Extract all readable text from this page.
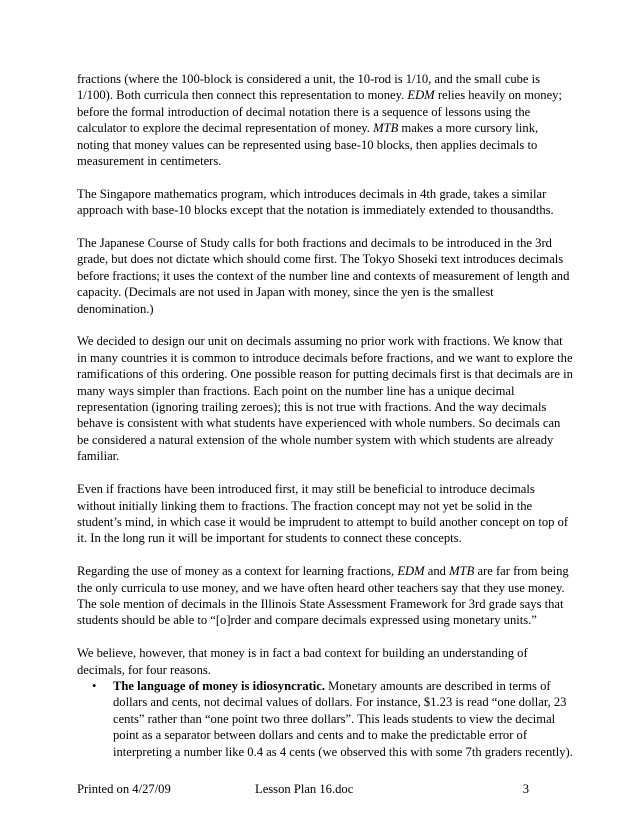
fractions (where the 100-block is considered a unit, the 10-rod is 1/10, and the small cube is 1/100). Both curricula then connect this representation to money. EDM relies heavily on money; before the formal introduction of decimal notation there is a sequence of lessons using the calculator to explore the decimal representation of money. MTB makes a more cursory link, noting that money values can be represented using base-10 blocks, then applies decimals to measurement in centimeters.

The Singapore mathematics program, which introduces decimals in 4th grade, takes a similar approach with base-10 blocks except that the notation is immediately extended to thousandths.

The Japanese Course of Study calls for both fractions and decimals to be introduced in the 3rd grade, but does not dictate which should come first. The Tokyo Shoseki text introduces decimals before fractions; it uses the context of the number line and contexts of measurement of length and capacity. (Decimals are not used in Japan with money, since the yen is the smallest denomination.)

We decided to design our unit on decimals assuming no prior work with fractions. We know that in many countries it is common to introduce decimals before fractions, and we want to explore the ramifications of this ordering. One possible reason for putting decimals first is that decimals are in many ways simpler than fractions. Each point on the number line has a unique decimal representation (ignoring trailing zeroes); this is not true with fractions. And the way decimals behave is consistent with what students have experienced with whole numbers. So decimals can be considered a natural extension of the whole number system with which students are already familiar.

Even if fractions have been introduced first, it may still be beneficial to introduce decimals without initially linking them to fractions. The fraction concept may not yet be solid in the student’s mind, in which case it would be imprudent to attempt to build another concept on top of it. In the long run it will be important for students to connect these concepts.

Regarding the use of money as a context for learning fractions, EDM and MTB are far from being the only curricula to use money, and we have often heard other teachers say that they use money. The sole mention of decimals in the Illinois State Assessment Framework for 3rd grade says that students should be able to “[o]rder and compare decimals expressed using monetary units.”

We believe, however, that money is in fact a bad context for building an understanding of decimals, for four reasons.

• The language of money is idiosyncratic. Monetary amounts are described in terms of dollars and cents, not decimal values of dollars. For instance, $1.23 is read “one dollar, 23 cents” rather than “one point two three dollars”. This leads students to view the decimal point as a separator between dollars and cents and to make the predictable error of interpreting a number like 0.4 as 4 cents (we observed this with some 7th graders recently).
Printed on 4/27/09	Lesson Plan 16.doc	3
